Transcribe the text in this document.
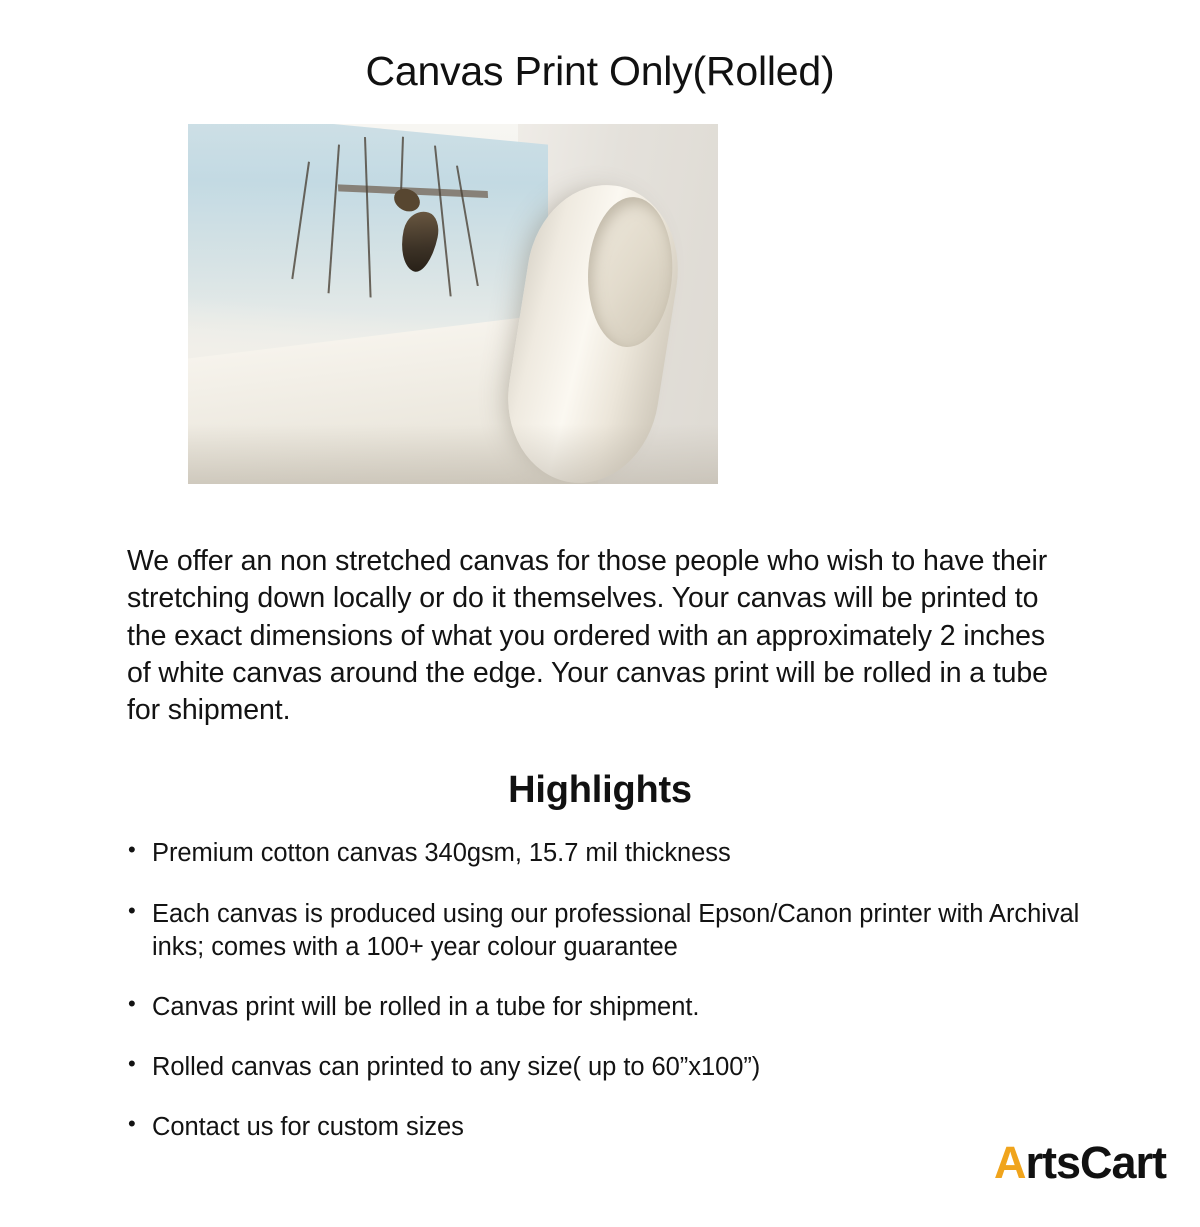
Canvas Print Only(Rolled)

We offer an non stretched canvas for those people who wish to have their stretching down locally or do it themselves. Your canvas will be printed to the exact dimensions of what you ordered with an approximately 2 inches of white canvas around the edge. Your canvas print will be rolled in a tube for shipment.

Highlights
• Premium cotton canvas 340gsm, 15.7 mil thickness
• Each canvas is produced using our professional Epson/Canon printer with Archival inks; comes with a 100+ year colour guarantee
• Canvas print will be rolled in a tube for shipment.
• Rolled canvas can printed to any size( up to 60”x100”)
• Contact us for custom sizes
A rtsCart
